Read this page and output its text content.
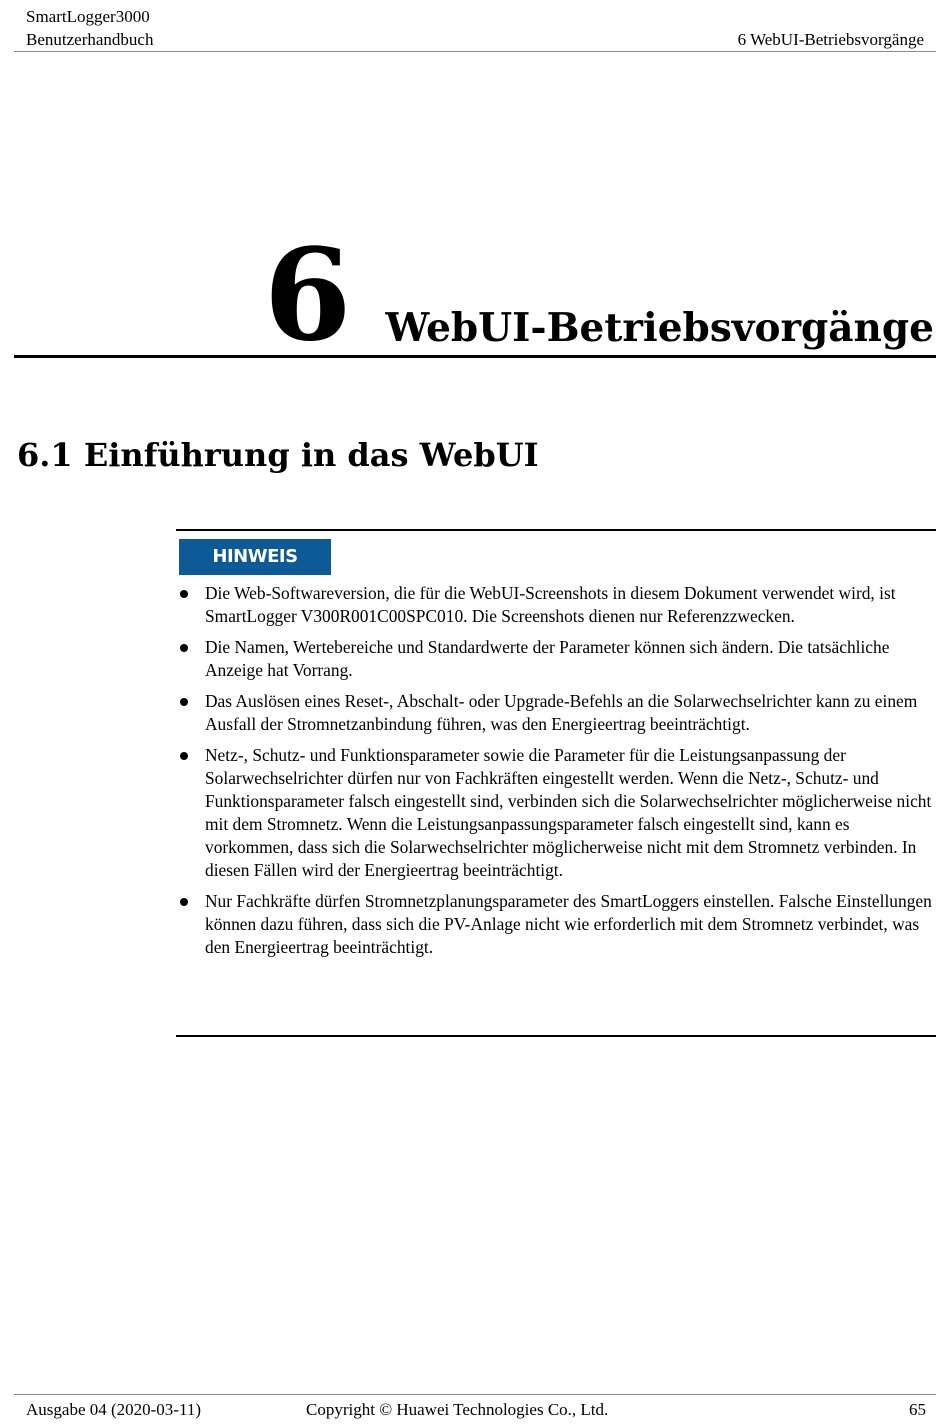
SmartLogger3000
Benutzerhandbuch	6 WebUI-Betriebsvorgänge
6 WebUI-Betriebsvorgänge
6.1 Einführung in das WebUI
HINWEIS
Die Web-Softwareversion, die für die WebUI-Screenshots in diesem Dokument verwendet wird, ist SmartLogger V300R001C00SPC010. Die Screenshots dienen nur Referenzzwecken.
Die Namen, Wertebereiche und Standardwerte der Parameter können sich ändern. Die tatsächliche Anzeige hat Vorrang.
Das Auslösen eines Reset-, Abschalt- oder Upgrade-Befehls an die Solarwechselrichter kann zu einem Ausfall der Stromnetzanbindung führen, was den Energieertrag beeinträchtigt.
Netz-, Schutz- und Funktionsparameter sowie die Parameter für die Leistungsanpassung der Solarwechselrichter dürfen nur von Fachkräften eingestellt werden. Wenn die Netz-, Schutz- und Funktionsparameter falsch eingestellt sind, verbinden sich die Solarwechselrichter möglicherweise nicht mit dem Stromnetz. Wenn die Leistungsanpassungsparameter falsch eingestellt sind, kann es vorkommen, dass sich die Solarwechselrichter möglicherweise nicht mit dem Stromnetz verbinden. In diesen Fällen wird der Energieertrag beeinträchtigt.
Nur Fachkräfte dürfen Stromnetzplanungsparameter des SmartLoggers einstellen. Falsche Einstellungen können dazu führen, dass sich die PV-Anlage nicht wie erforderlich mit dem Stromnetz verbindet, was den Energieertrag beeinträchtigt.
Ausgabe 04 (2020-03-11)	Copyright © Huawei Technologies Co., Ltd.	65
